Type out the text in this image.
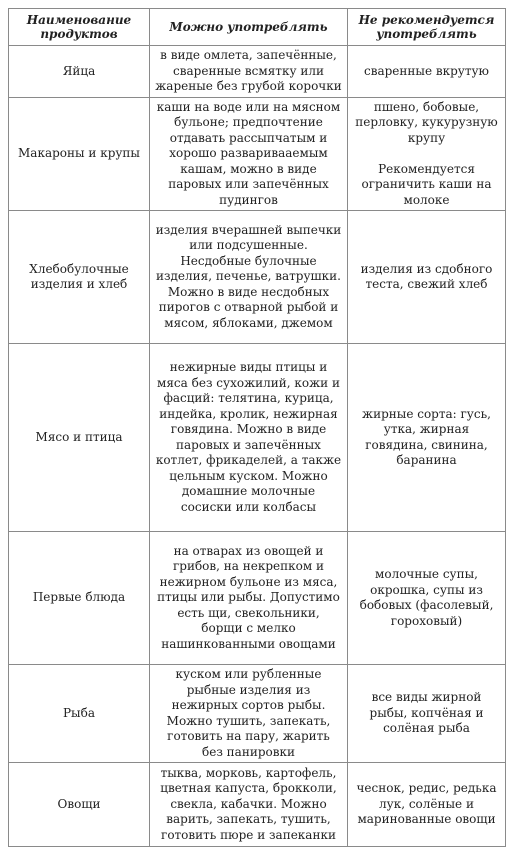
Наименование продуктов	Можно употреблять	Не рекомендуется употреблять
Яйца	в виде омлета, запечённые, сваренные всмятку или жареные без грубой корочки	сваренные вкрутую
Макароны и крупы	каши на воде или на мясном бульоне; предпочтение отдавать рассыпчатым и хорошо разваривааемым кашам, можно в виде паровых или запечённых пудингов	пшено, бобовые, перловку, кукурузную крупу

Рекомендуется ограничить каши на молоке
Хлебобулочные изделия и хлеб	изделия вчерашней выпечки или подсушенные. Несдобные булочные изделия, печенье, ватрушки. Можно в виде несдобных пирогов с отварной рыбой и мясом, яблоками, джемом	изделия из сдобного теста, свежий хлеб
Мясо и птица	нежирные виды птицы и мяса без сухожилий, кожи и фасций: телятина, курица, индейка, кролик, нежирная говядина. Можно в виде паровых и запечённых котлет, фрикаделей, а также цельным куском. Можно домашние молочные сосиски или колбасы	жирные сорта: гусь, утка, жирная говядина, свинина, баранина
Первые блюда	на отварах из овощей и грибов, на некрепком и нежирном бульоне из мяса, птицы или рыбы. Допустимо есть щи, свекольники, борщи с мелко нашинкованными овощами	молочные супы, окрошка, супы из бобовых (фасолевый, гороховый)
Рыба	куском или рубленные рыбные изделия из нежирных сортов рыбы. Можно тушить, запекать, готовить на пару, жарить без панировки	все виды жирной рыбы, копчёная и солёная рыба
Овощи	тыква, морковь, картофель, цветная капуста, брокколи, свекла, кабачки. Можно варить, запекать, тушить, готовить пюре и запеканки	чеснок, редис, редька лук, солёные и маринованные овощи
